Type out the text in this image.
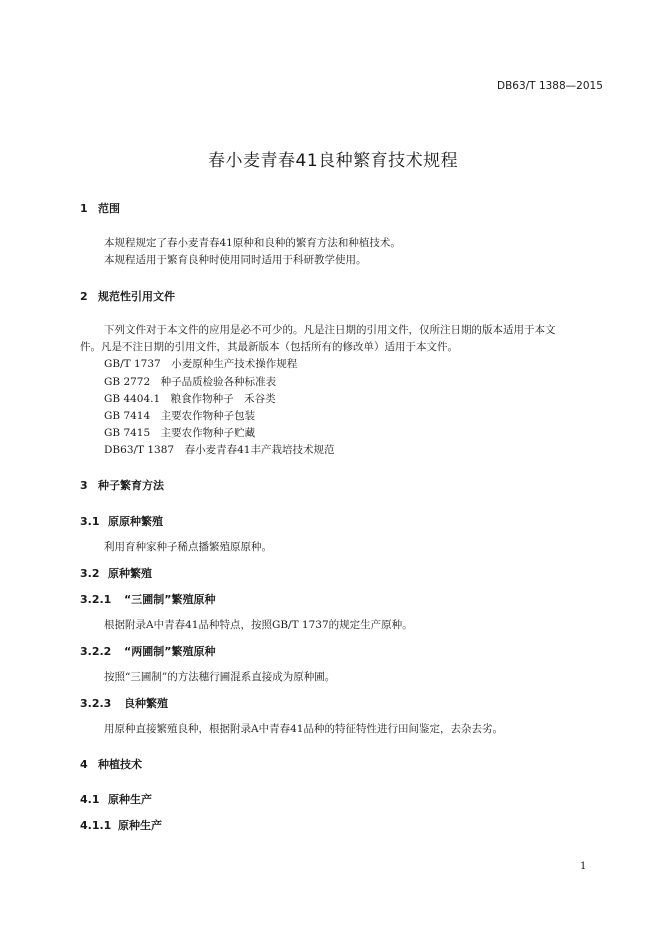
DB63/T 1388—2015
春小麦青春41良种繁育技术规程
1 范围
本规程规定了春小麦青春41原种和良种的繁育方法和种植技术。
本规程适用于繁育良种时使用同时适用于科研教学使用。
2 规范性引用文件
下列文件对于本文件的应用是必不可少的。凡是注日期的引用文件，仅所注日期的版本适用于本文
件。凡是不注日期的引用文件，其最新版本（包括所有的修改单）适用于本文件。
GB/T 1737　小麦原种生产技术操作规程
GB 2772　种子品质检验各种标准表
GB 4404.1　粮食作物种子　禾谷类
GB 7414　主要农作物种子包装
GB 7415　主要农作物种子贮藏
DB63/T 1387　春小麦青春41丰产栽培技术规范
3 种子繁育方法
3.1 原原种繁殖
利用育种家种子稀点播繁殖原原种。
3.2 原种繁殖
3.2.1 “三圃制”繁殖原种
根据附录A中青春41品种特点，按照GB/T 1737的规定生产原种。
3.2.2 “两圃制”繁殖原种
按照“三圃制”的方法穗行圃混系直接成为原种圃。
3.2.3 良种繁殖
用原种直接繁殖良种，根据附录A中青春41品种的特征特性进行田间鉴定，去杂去劣。
4 种植技术
4.1 原种生产
4.1.1 原种生产
1
